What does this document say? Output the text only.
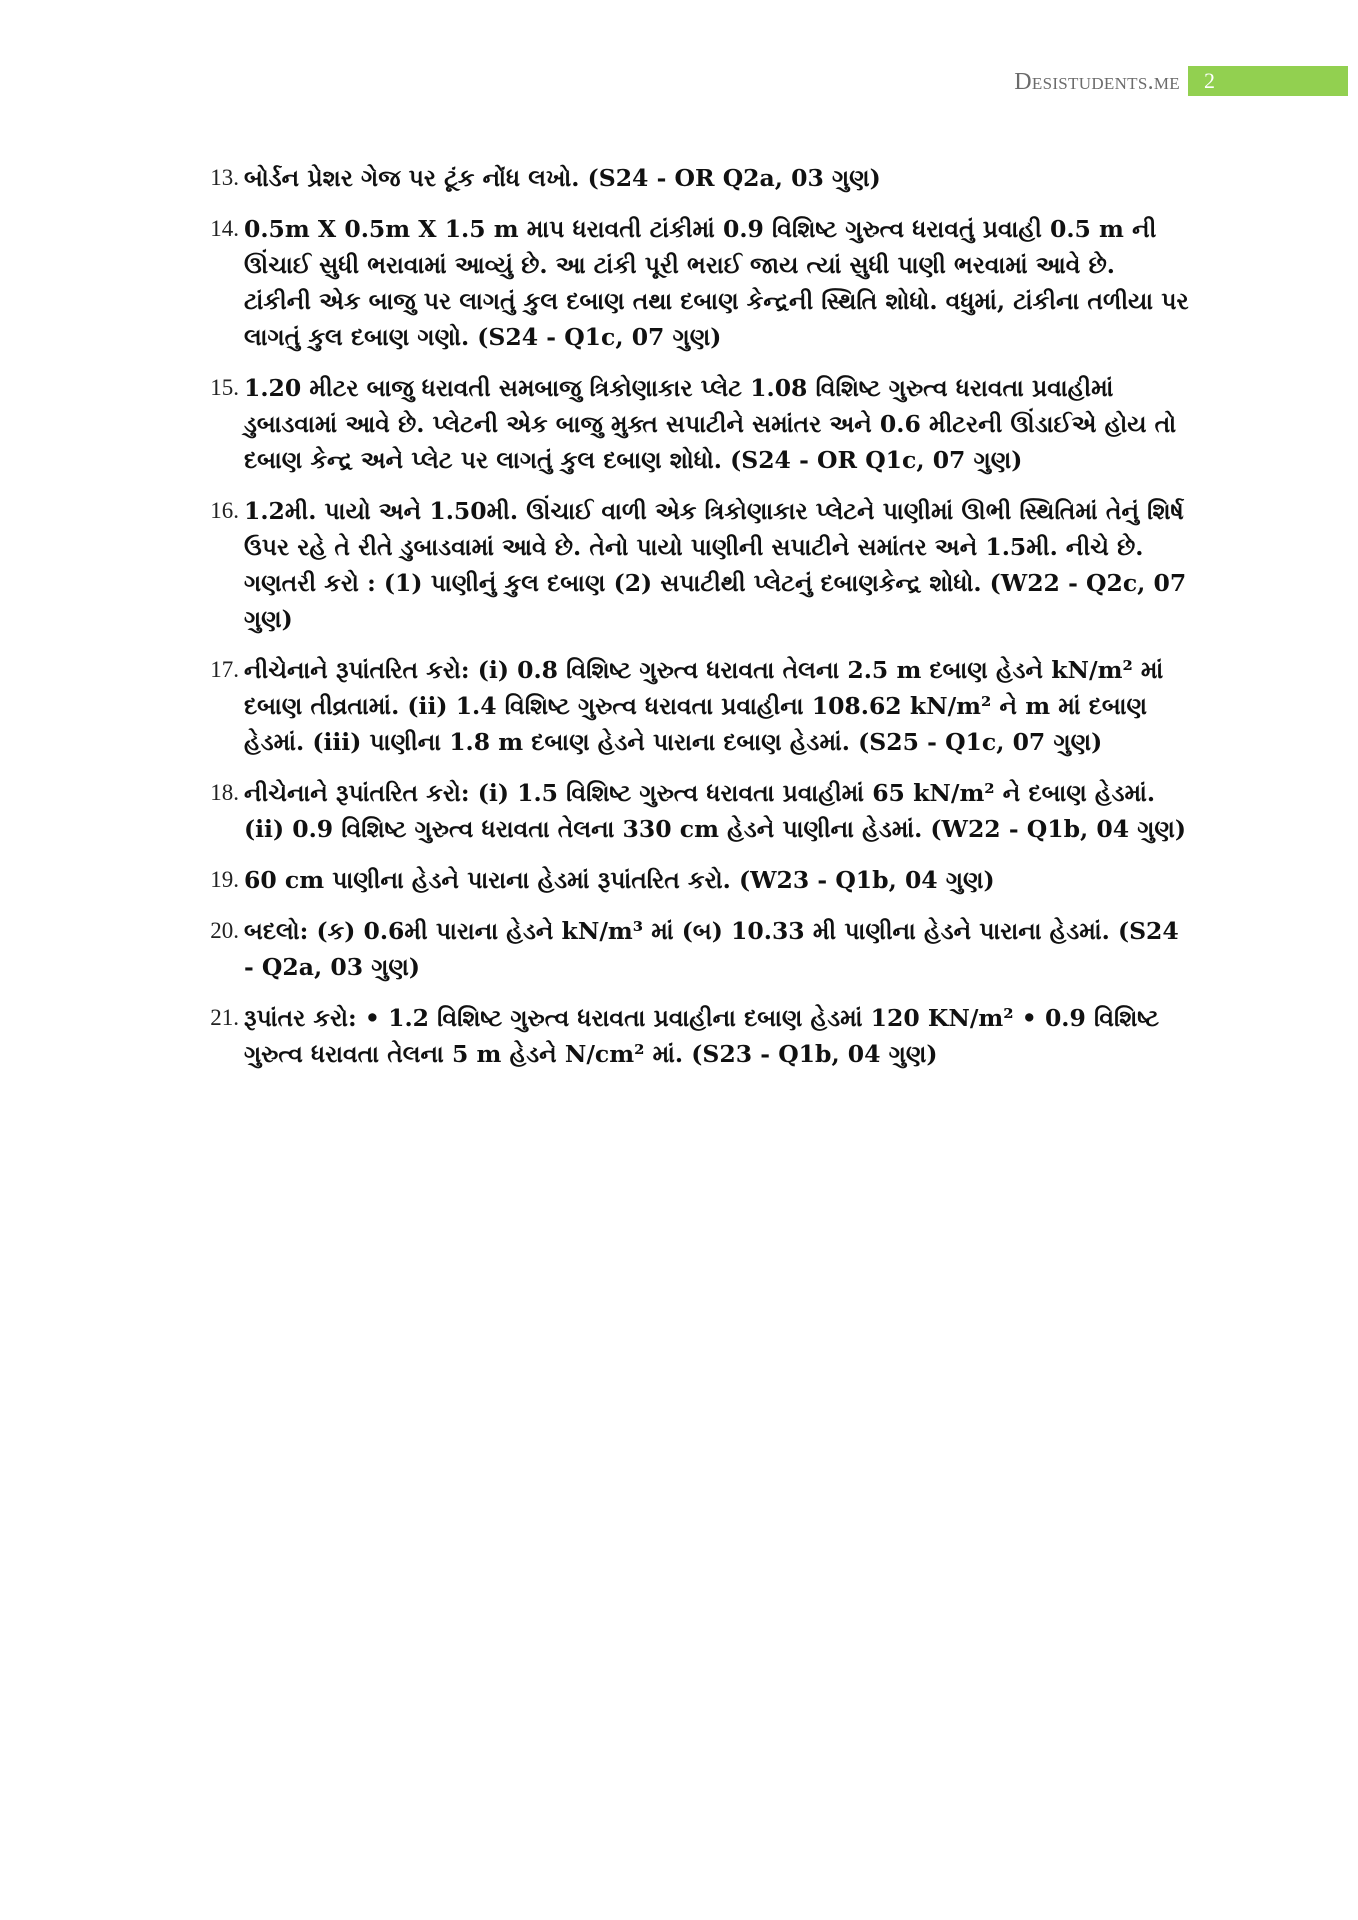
Desistudents.me	2
13. બોર્ડન પ્રેશર ગેજ પર ટૂંક નોંધ લખો. (S24 - OR Q2a, 03 ગુણ)
14. 0.5m X 0.5m X 1.5 m માપ ધરાવતી ટાંકીમાં 0.9 વિશિષ્ટ ગુરુત્વ ધરાવતું પ્રવાહી 0.5 m ની ઊંચાઈ સુધી ભરાવામાં આવ્યું છે. આ ટાંકી પૂરી ભરાઈ જાય ત્યાં સુધી પાણી ભરવામાં આવે છે. ટાંકીની એક બાજુ પર લાગતું કુલ દબાણ તથા દબાણ કેન્દ્રની સ્થિતિ શોધો. વધુમાં, ટાંકીના તળીયા પર લાગતું કુલ દબાણ ગણો. (S24 - Q1c, 07 ગુણ)
15. 1.20 મીટર બાજુ ધરાવતી સમબાજુ ત્રિકોણાકાર પ્લેટ 1.08 વિશિષ્ટ ગુરુત્વ ધરાવતા પ્રવાહીમાં ડુબાડવામાં આવે છે. પ્લેટની એક બાજુ મુક્ત સપાટીને સમાંતર અને 0.6 મીટરની ઊંડાઈએ હોય તો દબાણ કેન્દ્ર અને પ્લેટ પર લાગતું કુલ દબાણ શોધો. (S24 - OR Q1c, 07 ગુણ)
16. 1.2મી. પાયો અને 1.50મી. ઊંચાઈ વાળી એક ત્રિકોણાકાર પ્લેટને પાણીમાં ઊભી સ્થિતિમાં તેનું શિર્ષ ઉપર રહે તે રીતે ડુબાડવામાં આવે છે. તેનો પાયો પાણીની સપાટીને સમાંતર અને 1.5મી. નીચે છે. ગણતરી કરો : (1) પાણીનું કુલ દબાણ (2) સપાટીથી પ્લેટનું દબાણકેન્દ્ર શોધો. (W22 - Q2c, 07 ગુણ)
17. નીચેનાને રૂપાંતરિત કરો: (i) 0.8 વિશિષ્ટ ગુરુત્વ ધરાવતા તેલના 2.5 m દબાણ હેડને kN/m² માં દબાણ તીવ્રતામાં. (ii) 1.4 વિશિષ્ટ ગુરુત્વ ધરાવતા પ્રવાહીના 108.62 kN/m² ને m માં દબાણ હેડમાં. (iii) પાણીના 1.8 m દબાણ હેડને પારાના દબાણ હેડમાં. (S25 - Q1c, 07 ગુણ)
18. નીચેનાને રૂપાંતરિત કરો: (i) 1.5 વિશિષ્ટ ગુરુત્વ ધરાવતા પ્રવાહીમાં 65 kN/m² ને દબાણ હેડમાં. (ii) 0.9 વિશિષ્ટ ગુરુત્વ ધરાવતા તેલના 330 cm હેડને પાણીના હેડમાં. (W22 - Q1b, 04 ગુણ)
19. 60 cm પાણીના હેડને પારાના હેડમાં રૂપાંતરિત કરો. (W23 - Q1b, 04 ગુણ)
20. બદલો: (ક) 0.6મી પારાના હેડને kN/m³ માં (બ) 10.33 મી પાણીના હેડને પારાના હેડમાં. (S24 - Q2a, 03 ગુણ)
21. રૂપાંતર કરો: • 1.2 વિશિષ્ટ ગુરુત્વ ધરાવતા પ્રવાહીના દબાણ હેડમાં 120 KN/m² • 0.9 વિશિષ્ટ ગુરુત્વ ધરાવતા તેલના 5 m હેડને N/cm² માં. (S23 - Q1b, 04 ગુણ)
